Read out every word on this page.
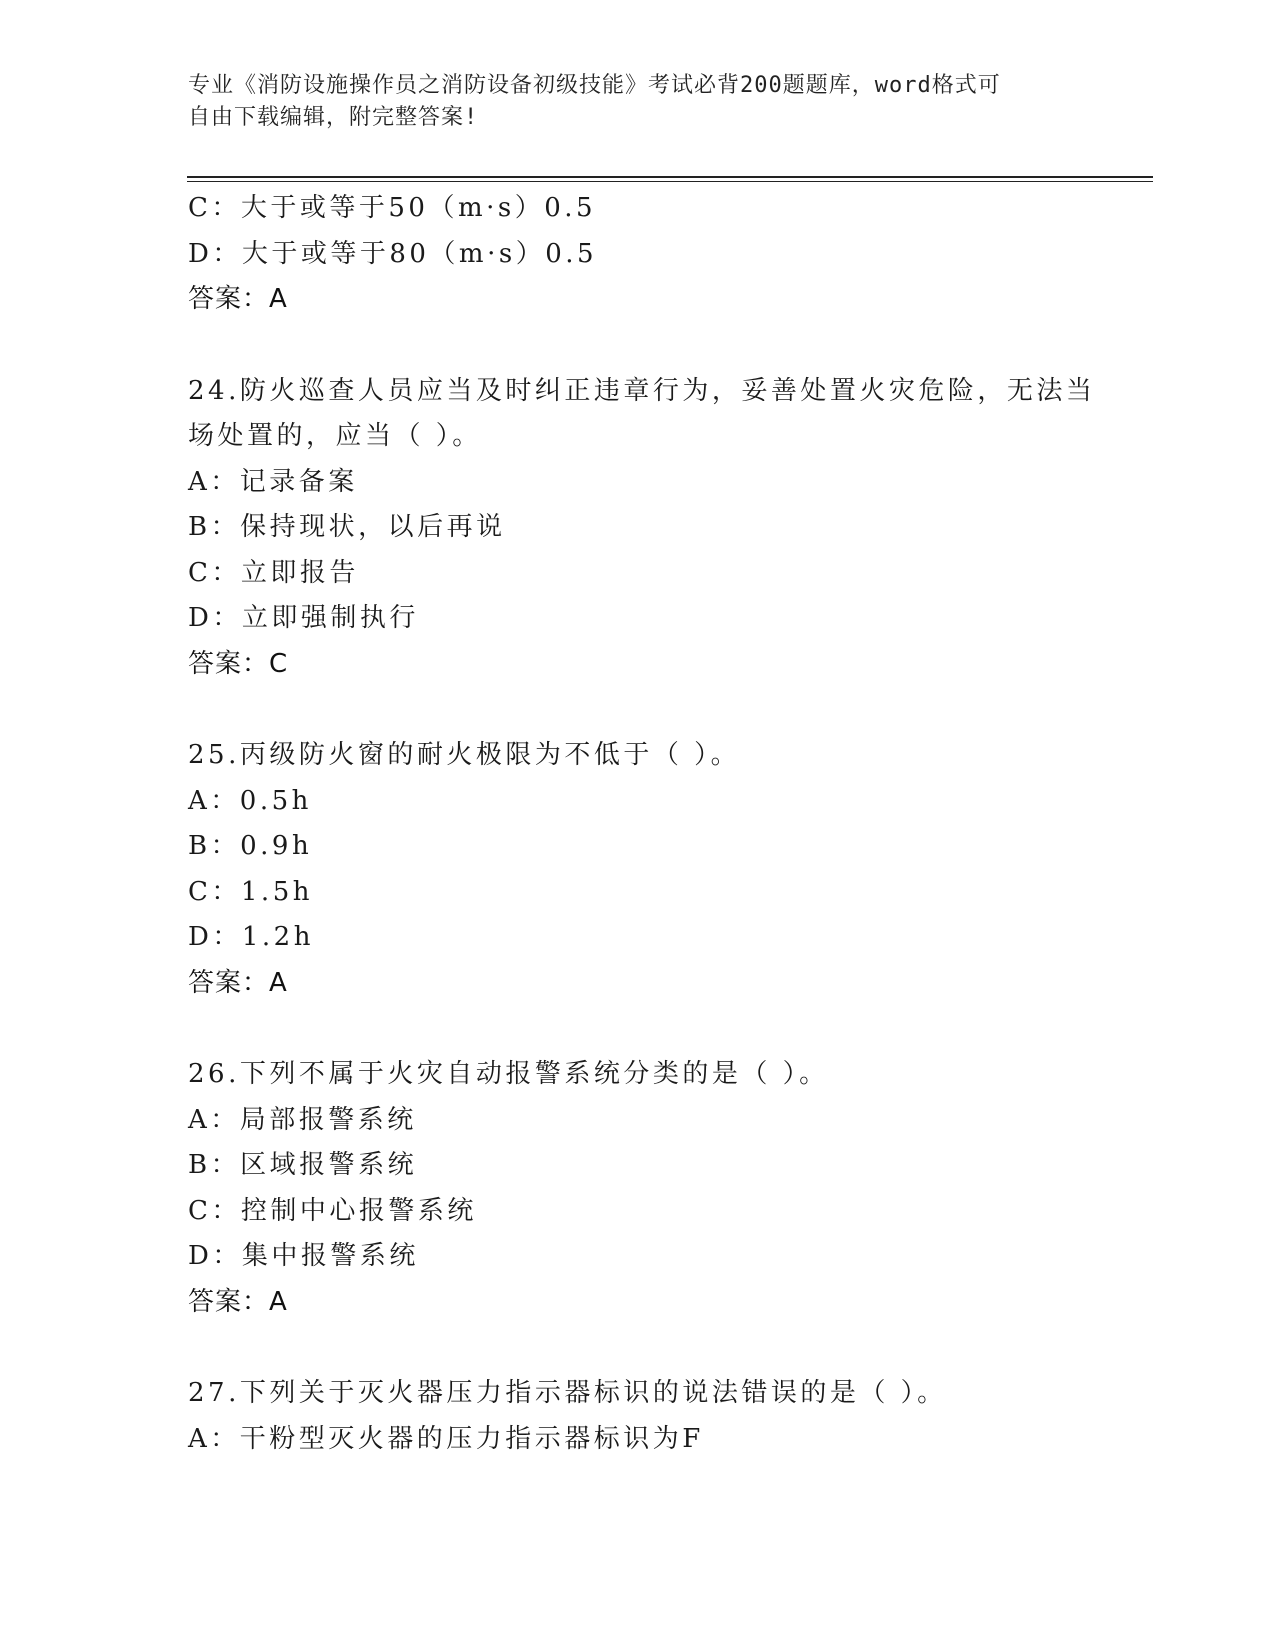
专业《消防设施操作员之消防设备初级技能》考试必背200题题库，word格式可
自由下载编辑，附完整答案!
C：大于或等于50（m·s）0.5
D：大于或等于80（m·s）0.5
答案：A
24.防火巡查人员应当及时纠正违章行为，妥善处置火灾危险，无法当
场处置的，应当（ ）。
A：记录备案
B：保持现状，以后再说
C：立即报告
D：立即强制执行
答案：C
25.丙级防火窗的耐火极限为不低于（ ）。
A：0.5h
B：0.9h
C：1.5h
D：1.2h
答案：A
26.下列不属于火灾自动报警系统分类的是（ ）。
A：局部报警系统
B：区域报警系统
C：控制中心报警系统
D：集中报警系统
答案：A
27.下列关于灭火器压力指示器标识的说法错误的是（ ）。
A：干粉型灭火器的压力指示器标识为F
